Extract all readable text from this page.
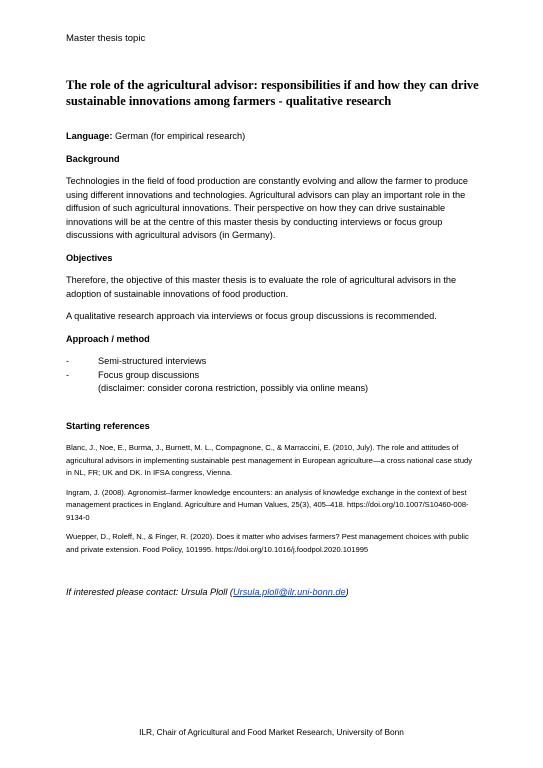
Master thesis topic
The role of the agricultural advisor: responsibilities if and how they can drive sustainable innovations among farmers - qualitative research

Language: German (for empirical research)

Background

Technologies in the field of food production are constantly evolving and allow the farmer to produce using different innovations and technologies. Agricultural advisors can play an important role in the diffusion of such agricultural innovations. Their perspective on how they can drive sustainable innovations will be at the centre of this master thesis by conducting interviews or focus group discussions with agricultural advisors (in Germany).

Objectives

Therefore, the objective of this master thesis is to evaluate the role of agricultural advisors in the adoption of sustainable innovations of food production.

A qualitative research approach via interviews or focus group discussions is recommended.

Approach / method
-	Semi-structured interviews
-	Focus group discussions
(disclaimer: consider corona restriction, possibly via online means)
Starting references

Blanc, J., Noe, E., Burma, J., Burnett, M. L., Compagnone, C., & Marraccini, E. (2010, July). The role and attitudes of agricultural advisors in implementing sustainable pest management in European agriculture—a cross national case study in NL, FR; UK and DK. In IFSA congress, Vienna.

Ingram, J. (2008). Agronomist–farmer knowledge encounters: an analysis of knowledge exchange in the context of best management practices in England. Agriculture and Human Values, 25(3), 405–418. https://doi.org/10.1007/S10460-008-9134-0

Wuepper, D., Roleff, N., & Finger, R. (2020). Does it matter who advises farmers? Pest management choices with public and private extension. Food Policy, 101995. https://doi.org/10.1016/j.foodpol.2020.101995

If interested please contact: Ursula Ploll (Ursula.ploll@ilr.uni-bonn.de)
ILR, Chair of Agricultural and Food Market Research, University of Bonn
